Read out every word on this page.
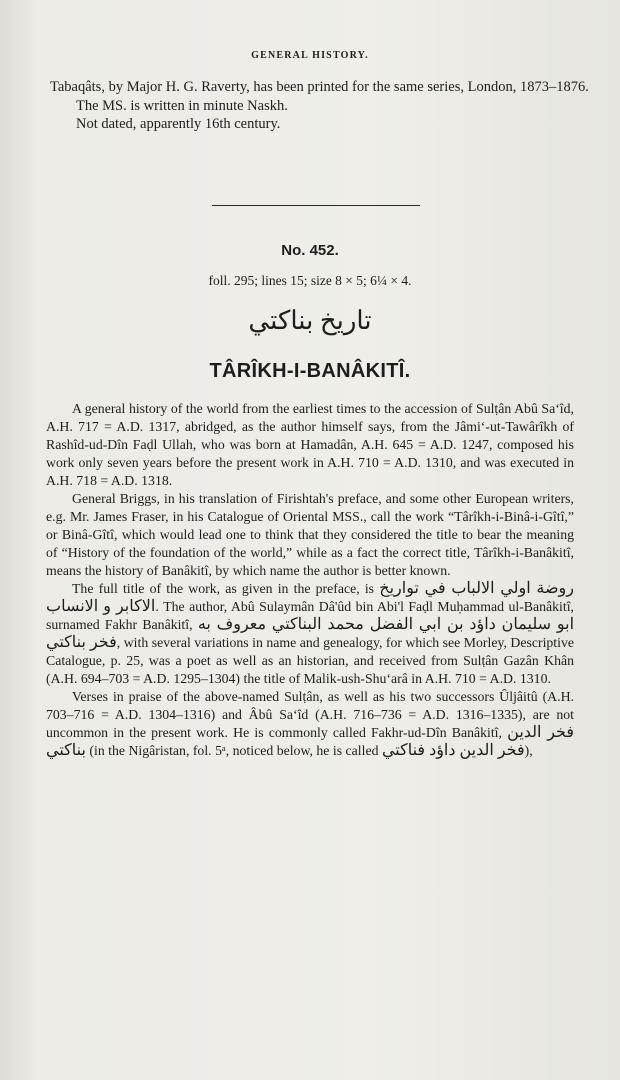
GENERAL HISTORY.

Tabaqâts, by Major H. G. Raverty, has been printed for the same series, London, 1873–1876.

The MS. is written in minute Naskh.

Not dated, apparently 16th century.

No. 452.
foll. 295; lines 15; size 8 × 5; 6¼ × 4.
تاريخ بناكتي
TÂRÎKH-I-BANÂKITÎ.

A general history of the world from the earliest times to the accession of Sulṭân Abû Sa‘îd, A.H. 717 = A.D. 1317, abridged, as the author himself says, from the Jâmi‘-ut-Tawârîkh of Rashîd-ud-Dîn Faḍl Ullah, who was born at Hamadân, A.H. 645 = A.D. 1247, composed his work only seven years before the present work in A.H. 710 = A.D. 1310, and was executed in A.H. 718 = A.D. 1318.

General Briggs, in his translation of Firishtah's preface, and some other European writers, e.g. Mr. James Fraser, in his Catalogue of Oriental MSS., call the work “Târîkh-i-Binâ-i-Gîtî,” or Binâ-Gîtî, which would lead one to think that they considered the title to bear the meaning of “History of the foundation of the world,” while as a fact the correct title, Târîkh-i-Banâkitî, means the history of Banâkitî, by which name the author is better known.

The full title of the work, as given in the preface, is روضة اولي الالباب في تواريخ الاكابر و الانساب. The author, Abû Sulaymân Dâ'ûd bin Abi'l Faḍl Muḥammad ul-Banâkitî, surnamed Fakhr Banâkitî, ابو سليمان داؤد بن ابي الفضل محمد البناكتي معروف به فخر بناكتي, with several variations in name and genealogy, for which see Morley, Descriptive Catalogue, p. 25, was a poet as well as an historian, and received from Sulṭân Gazân Khân (A.H. 694–703 = A.D. 1295–1304) the title of Malik-ush-Shu‘arâ in A.H. 710 = A.D. 1310.

Verses in praise of the above-named Sulṭân, as well as his two successors Ûljâitû (A.H. 703–716 = A.D. 1304–1316) and Âbû Sa‘îd (A.H. 716–736 = A.D. 1316–1335), are not uncommon in the present work. He is commonly called Fakhr-ud-Dîn Banâkitî, فخر الدين بناكتي (in the Nigâristan, fol. 5ᵃ, noticed below, he is called فخر الدين داؤد فناكتي),
